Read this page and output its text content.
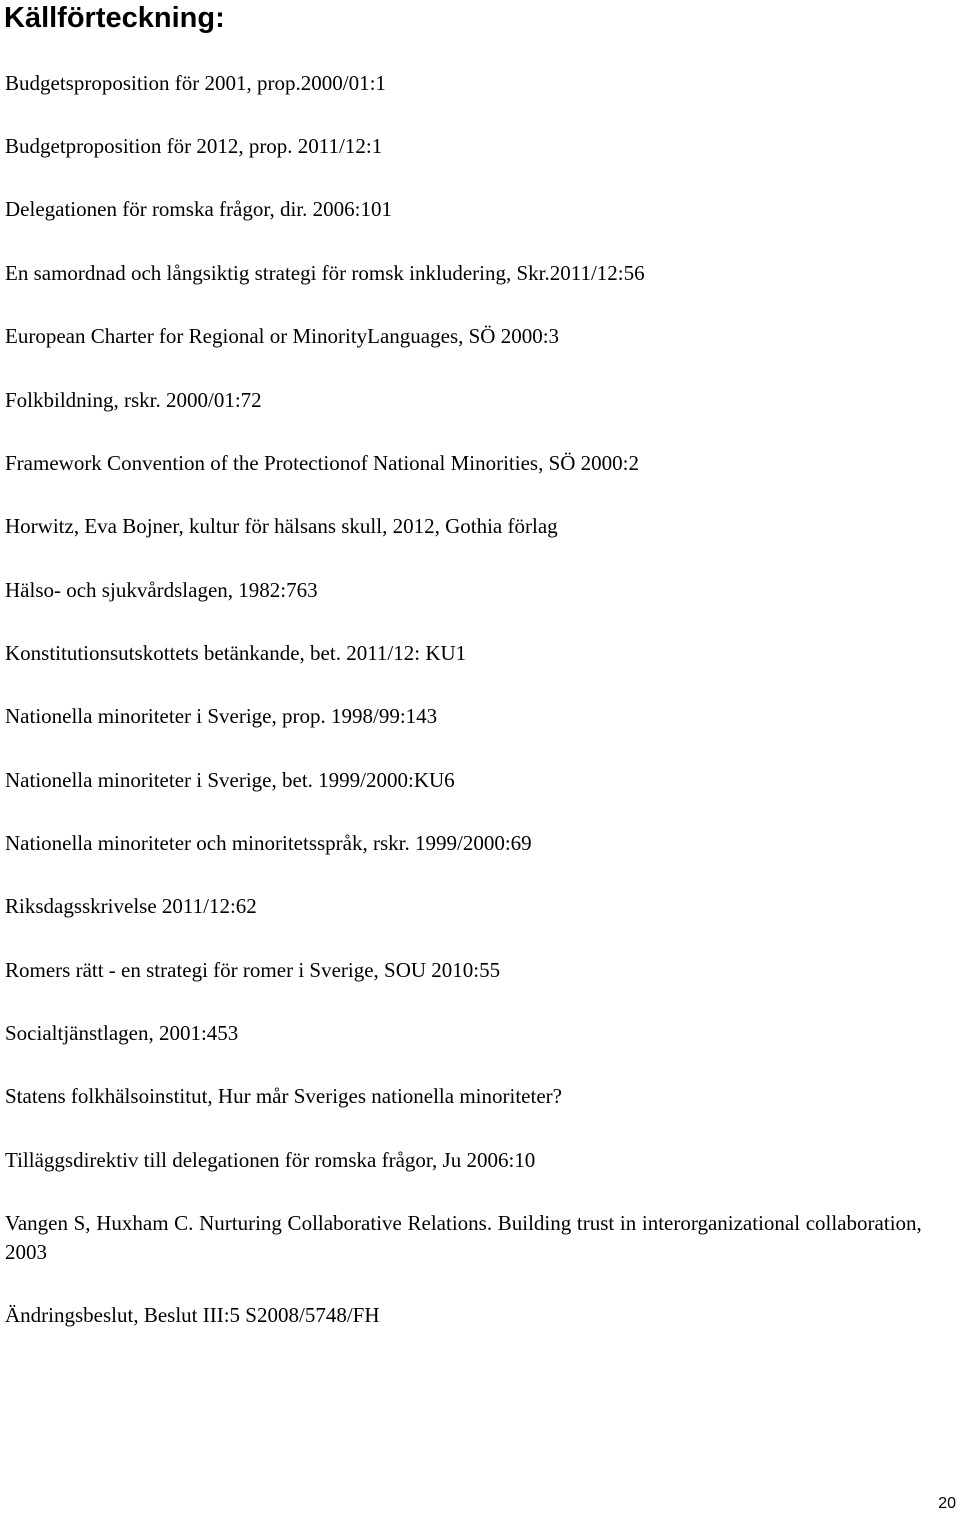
Källförteckning:
Budgetsproposition för 2001, prop.2000/01:1
Budgetproposition för 2012, prop. 2011/12:1
Delegationen för romska frågor, dir. 2006:101
En samordnad och långsiktig strategi för romsk inkludering, Skr.2011/12:56
European Charter for Regional or MinorityLanguages, SÖ 2000:3
Folkbildning, rskr. 2000/01:72
Framework Convention of the Protectionof National Minorities, SÖ 2000:2
Horwitz, Eva Bojner, kultur för hälsans skull, 2012, Gothia förlag
Hälso- och sjukvårdslagen, 1982:763
Konstitutionsutskottets betänkande, bet. 2011/12: KU1
Nationella minoriteter i Sverige, prop. 1998/99:143
Nationella minoriteter i Sverige, bet. 1999/2000:KU6
Nationella minoriteter och minoritetsspråk, rskr. 1999/2000:69
Riksdagsskrivelse 2011/12:62
Romers rätt - en strategi för romer i Sverige, SOU 2010:55
Socialtjänstlagen, 2001:453
Statens folkhälsoinstitut, Hur mår Sveriges nationella minoriteter?
Tilläggsdirektiv till delegationen för romska frågor, Ju 2006:10
Vangen S, Huxham C. Nurturing Collaborative Relations. Building trust in interorganizational collaboration, 2003
Ändringsbeslut, Beslut III:5 S2008/5748/FH
20
